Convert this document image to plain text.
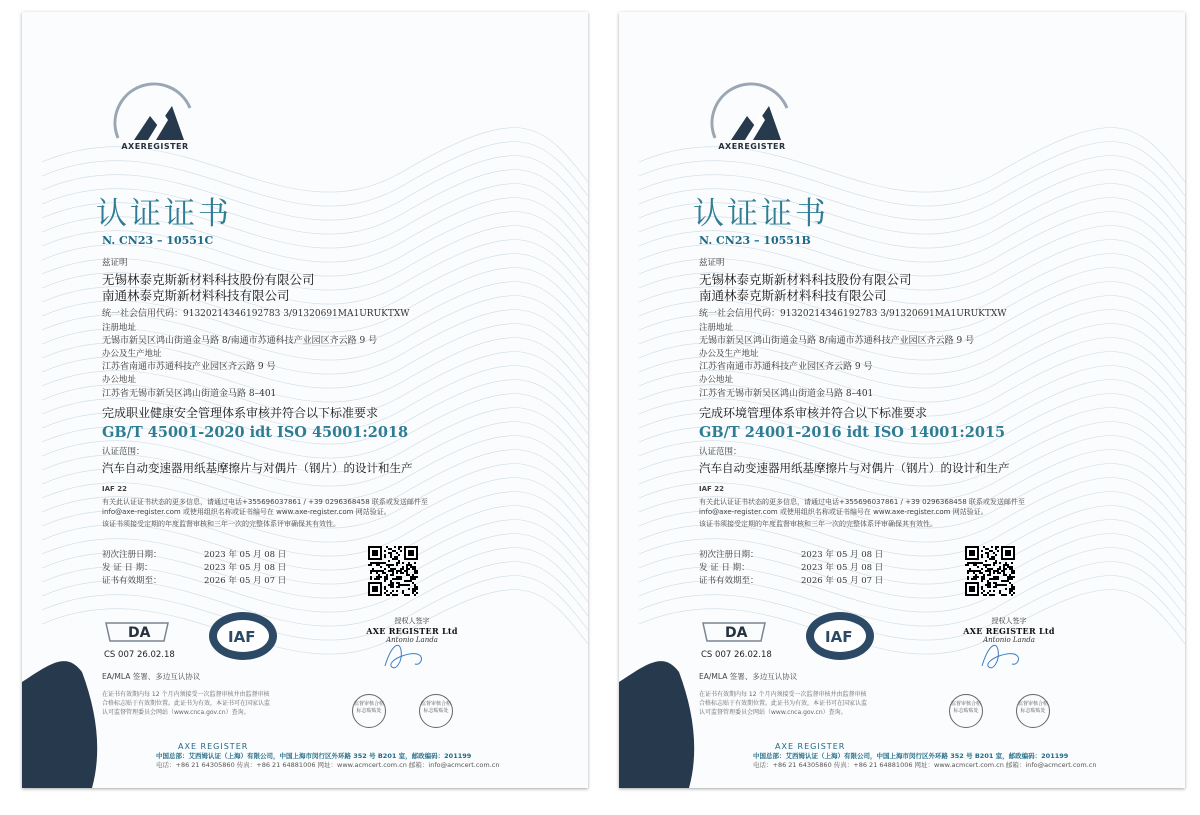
AXEREGISTER
认证证书
N. CN23 – 10551C
兹证明
无锡林泰克斯新材料科技股份有限公司
南通林泰克斯新材料科技有限公司
统一社会信用代码：91320214346192783 3/91320691MA1URUKTXW
注册地址
无锡市新吴区鸿山街道金马路 8/南通市苏通科技产业园区齐云路 9 号
办公及生产地址
江苏省南通市苏通科技产业园区齐云路 9 号
办公地址
江苏省无锡市新吴区鸿山街道金马路 8–401
完成职业健康安全管理体系审核并符合以下标准要求
GB/T 45001-2020 idt ISO 45001:2018
认证范围：
汽车自动变速器用纸基摩擦片与对偶片（钢片）的设计和生产
IAF 22
有关此认证证书状态的更多信息，请通过电话+355696037861 / +39 0296368458 联系或发送邮件至
info@axe-register.com 或使用组织名称或证书编号在 www.axe-register.com 网站验证。
该证书须接受定期的年度监督审核和三年一次的完整体系评审确保其有效性。
初次注册日期：	2023 年 05 月 08 日
发 证 日 期：	2023 年 05 月 08 日
证书有效期至：	2026 年 05 月 07 日
授权人签字
AXE REGISTER Ltd
Antonio Landa
DA
CS 007 26.02.18
IAF
EA/MLA 签署、多边互认协议
在证书有效期内每 12 个月内须接受一次监督审核并由监督审核合格标志贴于有效期位置。此证书为有效，本证书可在国家认监认可监督管理委员会网站（www.cnca.gov.cn）查询。
监督审核合格标志贴贴处
监督审核合格标志贴贴处
AXE REGISTER
中国总部：艾西姆认证（上海）有限公司，中国上海市闵行区外环路 352 号 B201 室，邮政编码：201199
电话：+86 21 64305860 传真：+86 21 64881006 网址：www.acmcert.com.cn 邮箱：info@acmcert.com.cn
AXEREGISTER
认证证书
N. CN23 – 10551B
兹证明
无锡林泰克斯新材料科技股份有限公司
南通林泰克斯新材料科技有限公司
统一社会信用代码：91320214346192783 3/91320691MA1URUKTXW
注册地址
无锡市新吴区鸿山街道金马路 8/南通市苏通科技产业园区齐云路 9 号
办公及生产地址
江苏省南通市苏通科技产业园区齐云路 9 号
办公地址
江苏省无锡市新吴区鸿山街道金马路 8–401
完成环境管理体系审核并符合以下标准要求
GB/T 24001-2016 idt ISO 14001:2015
认证范围：
汽车自动变速器用纸基摩擦片与对偶片（钢片）的设计和生产
IAF 22
有关此认证证书状态的更多信息，请通过电话+355696037861 / +39 0296368458 联系或发送邮件至
info@axe-register.com 或使用组织名称或证书编号在 www.axe-register.com 网站验证。
该证书须接受定期的年度监督审核和三年一次的完整体系评审确保其有效性。
初次注册日期：	2023 年 05 月 08 日
发 证 日 期：	2023 年 05 月 08 日
证书有效期至：	2026 年 05 月 07 日
授权人签字
AXE REGISTER Ltd
Antonio Landa
DA
CS 007 26.02.18
IAF
EA/MLA 签署、多边互认协议
在证书有效期内每 12 个月内须接受一次监督审核并由监督审核合格标志贴于有效期位置。此证书为有效，本证书可在国家认监认可监督管理委员会网站（www.cnca.gov.cn）查询。
监督审核合格标志贴贴处
监督审核合格标志贴贴处
AXE REGISTER
中国总部：艾西姆认证（上海）有限公司，中国上海市闵行区外环路 352 号 B201 室，邮政编码：201199
电话：+86 21 64305860 传真：+86 21 64881006 网址：www.acmcert.com.cn 邮箱：info@acmcert.com.cn
